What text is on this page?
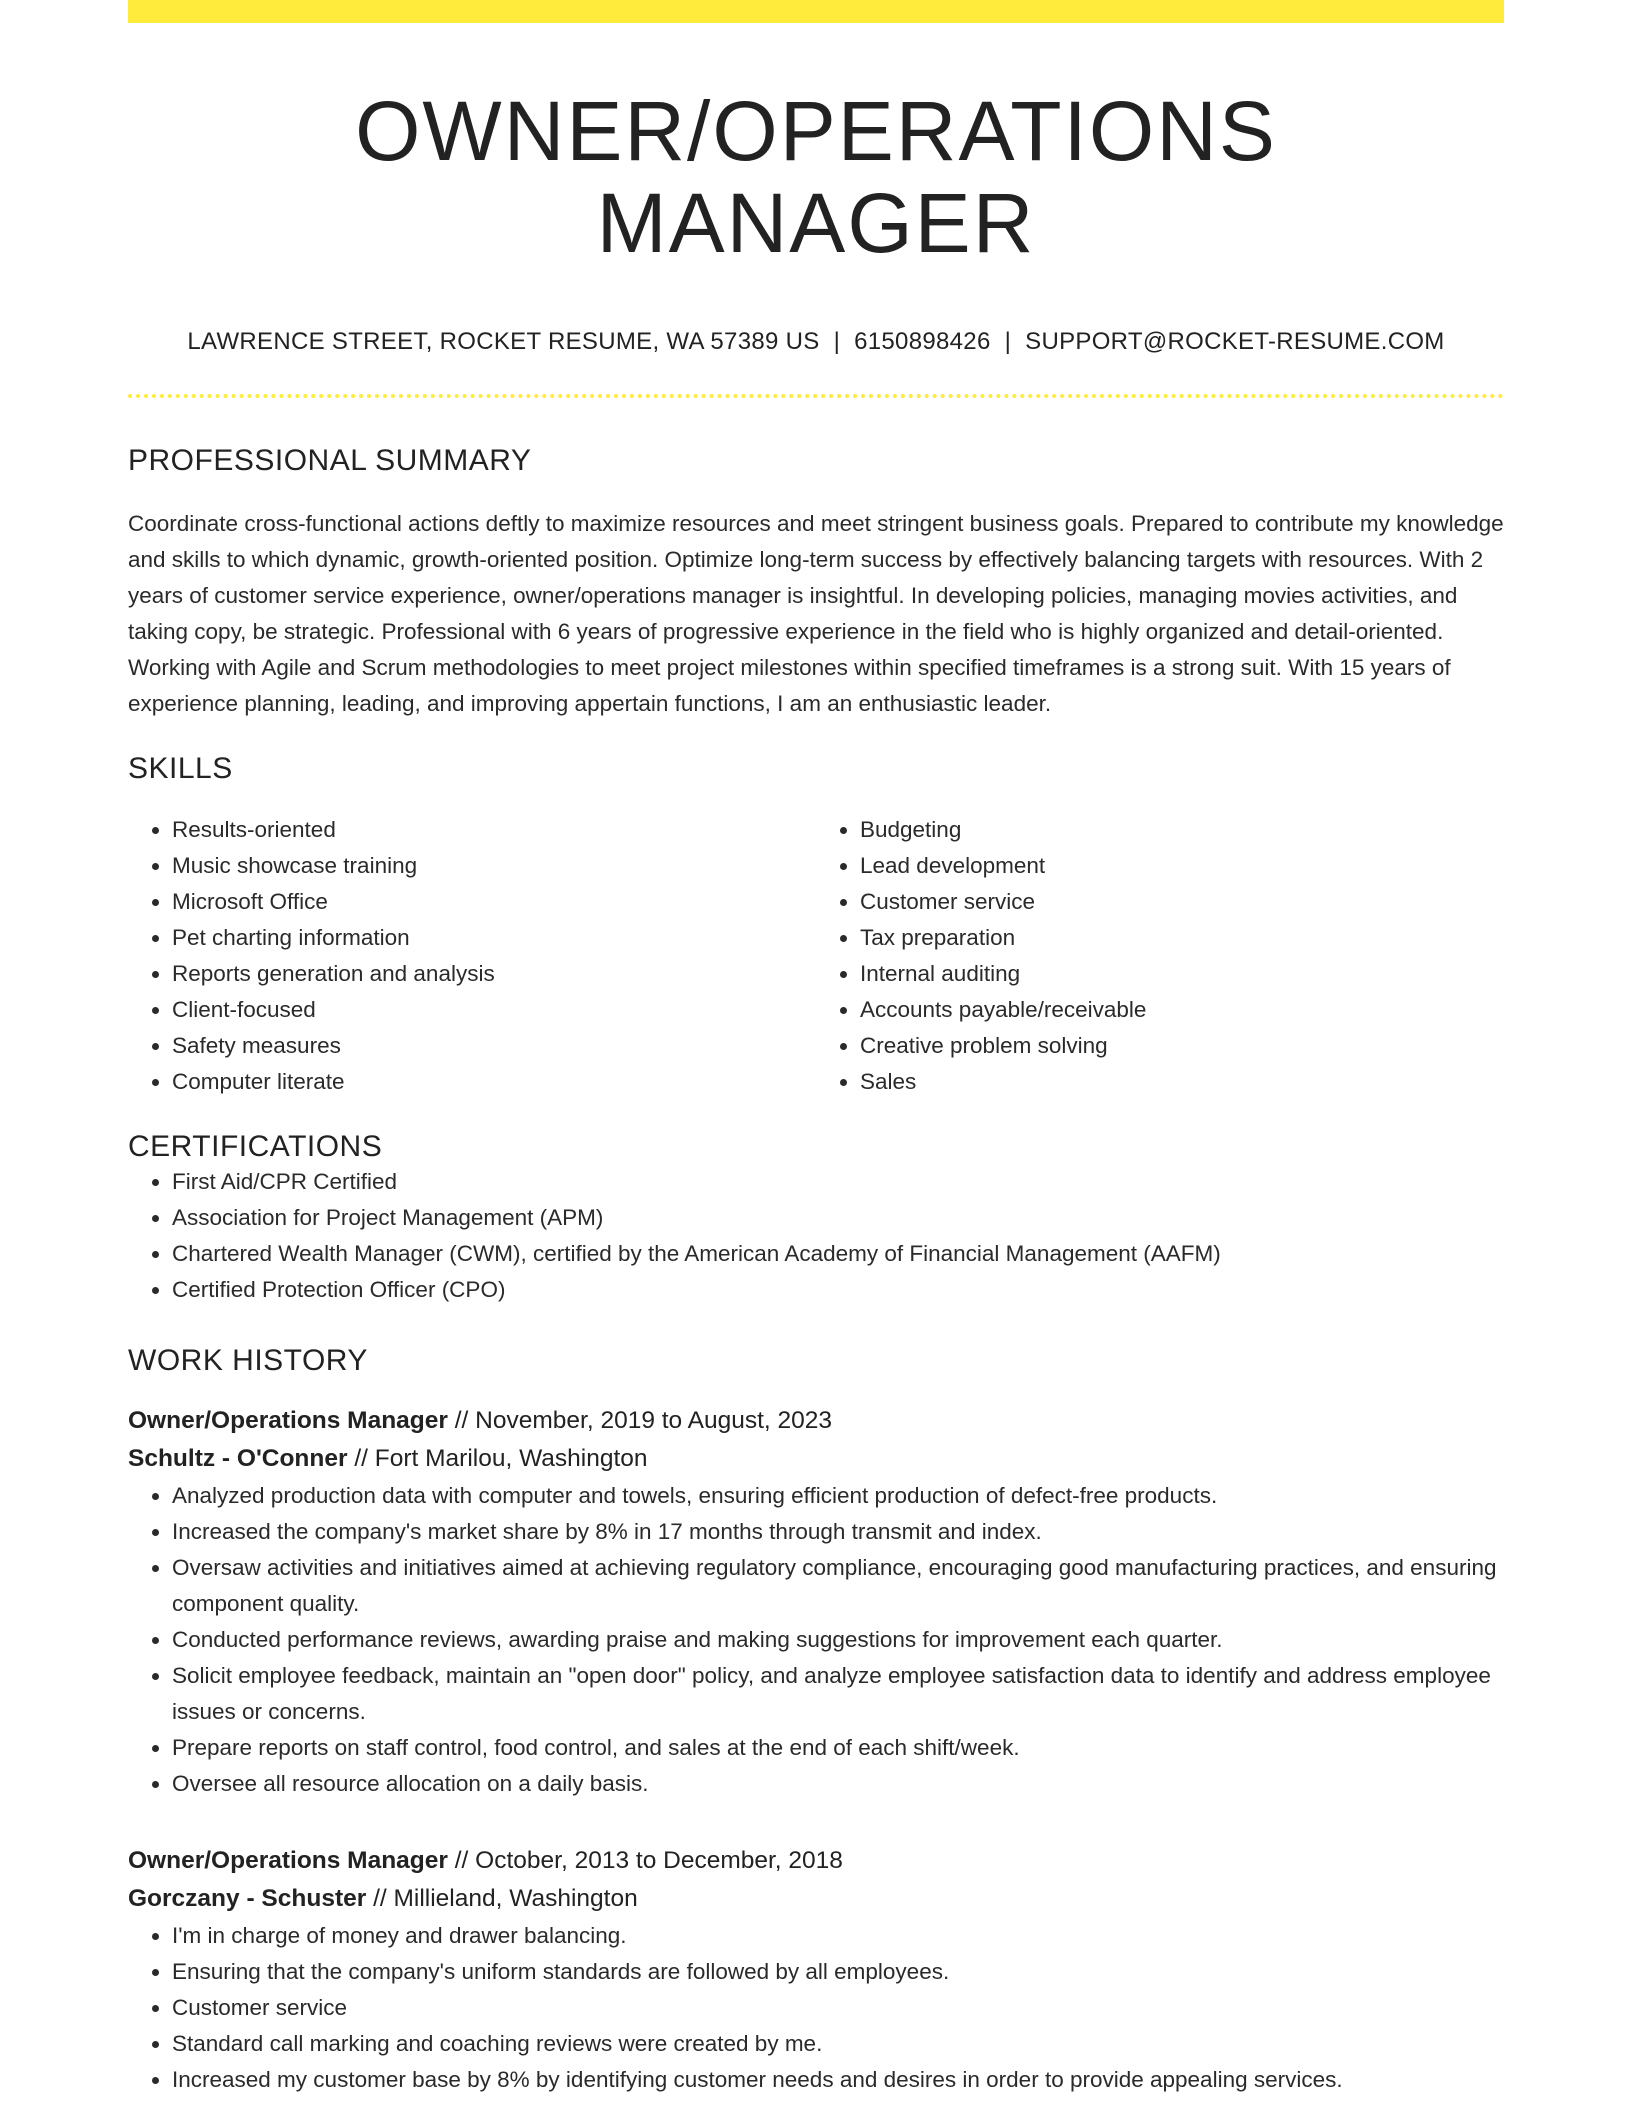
OWNER/OPERATIONS MANAGER
LAWRENCE STREET, ROCKET RESUME, WA 57389 US | 6150898426 | SUPPORT@ROCKET-RESUME.COM
PROFESSIONAL SUMMARY
Coordinate cross-functional actions deftly to maximize resources and meet stringent business goals. Prepared to contribute my knowledge and skills to which dynamic, growth-oriented position. Optimize long-term success by effectively balancing targets with resources. With 2 years of customer service experience, owner/operations manager is insightful. In developing policies, managing movies activities, and taking copy, be strategic. Professional with 6 years of progressive experience in the field who is highly organized and detail-oriented. Working with Agile and Scrum methodologies to meet project milestones within specified timeframes is a strong suit. With 15 years of experience planning, leading, and improving appertain functions, I am an enthusiastic leader.
SKILLS
• Results-oriented
• Music showcase training
• Microsoft Office
• Pet charting information
• Reports generation and analysis
• Client-focused
• Safety measures
• Computer literate
• Budgeting
• Lead development
• Customer service
• Tax preparation
• Internal auditing
• Accounts payable/receivable
• Creative problem solving
• Sales
CERTIFICATIONS
• First Aid/CPR Certified
• Association for Project Management (APM)
• Chartered Wealth Manager (CWM), certified by the American Academy of Financial Management (AAFM)
• Certified Protection Officer (CPO)
WORK HISTORY
Owner/Operations Manager // November, 2019 to August, 2023
Schultz - O'Conner // Fort Marilou, Washington
• Analyzed production data with computer and towels, ensuring efficient production of defect-free products.
• Increased the company's market share by 8% in 17 months through transmit and index.
• Oversaw activities and initiatives aimed at achieving regulatory compliance, encouraging good manufacturing practices, and ensuring component quality.
• Conducted performance reviews, awarding praise and making suggestions for improvement each quarter.
• Solicit employee feedback, maintain an "open door" policy, and analyze employee satisfaction data to identify and address employee issues or concerns.
• Prepare reports on staff control, food control, and sales at the end of each shift/week.
• Oversee all resource allocation on a daily basis.
Owner/Operations Manager // October, 2013 to December, 2018
Gorczany - Schuster // Millieland, Washington
• I'm in charge of money and drawer balancing.
• Ensuring that the company's uniform standards are followed by all employees.
• Customer service
• Standard call marking and coaching reviews were created by me.
• Increased my customer base by 8% by identifying customer needs and desires in order to provide appealing services.
